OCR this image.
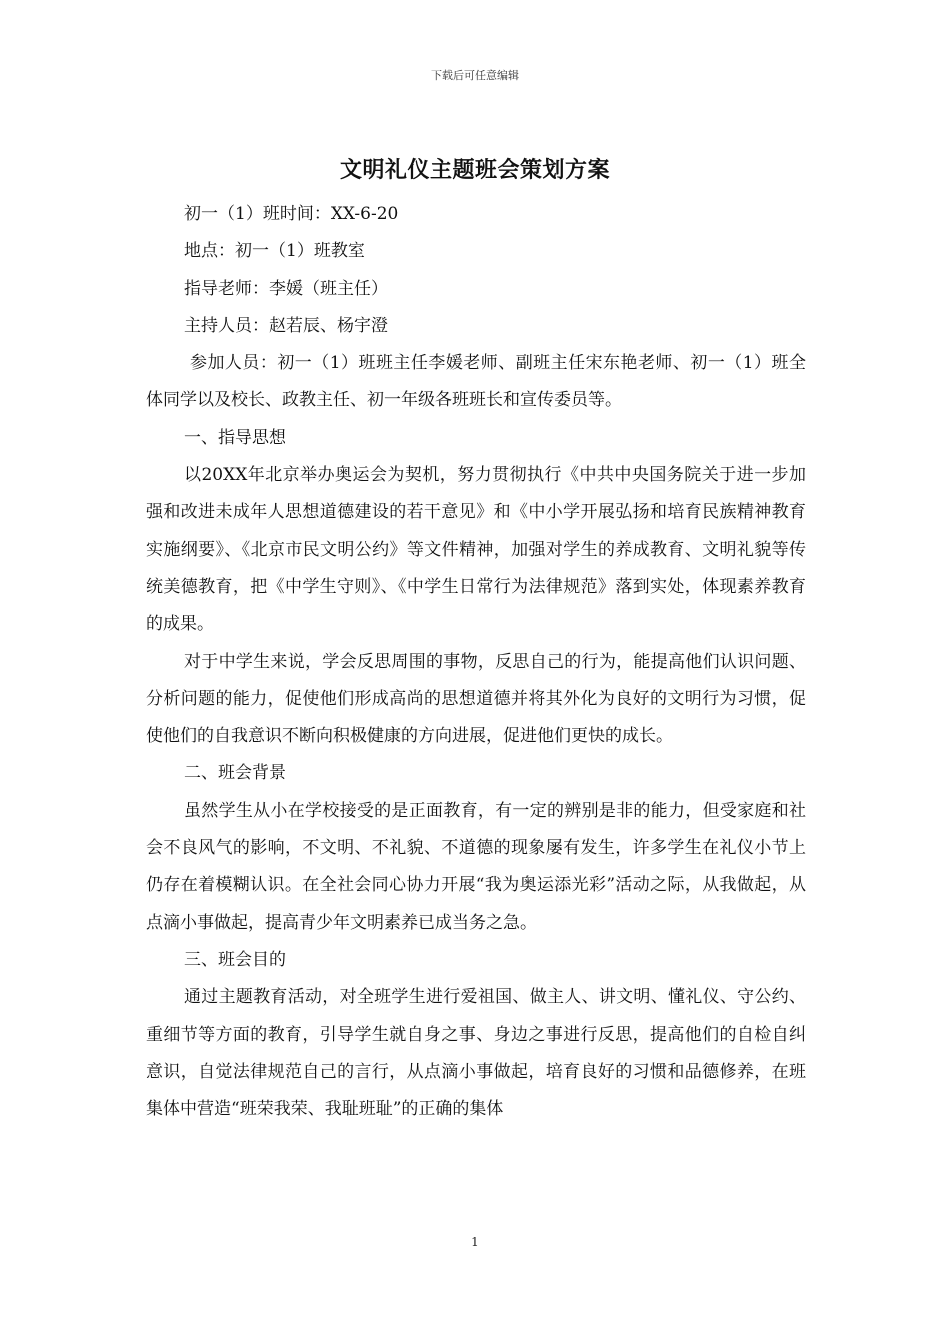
下载后可任意编辑
文明礼仪主题班会策划方案

初一（1）班时间：XX-6-20

地点：初一（1）班教室

指导老师：李媛（班主任）

主持人员：赵若辰、杨宇澄

参加人员：初一（1）班班主任李媛老师、副班主任宋东艳老师、初一（1）班全体同学以及校长、政教主任、初一年级各班班长和宣传委员等。

一、指导思想

以20XX年北京举办奥运会为契机，努力贯彻执行《中共中央国务院关于进一步加强和改进未成年人思想道德建设的若干意见》和《中小学开展弘扬和培育民族精神教育实施纲要》、《北京市民文明公约》等文件精神，加强对学生的养成教育、文明礼貌等传统美德教育，把《中学生守则》、《中学生日常行为法律规范》落到实处，体现素养教育的成果。

对于中学生来说，学会反思周围的事物，反思自己的行为，能提高他们认识问题、分析问题的能力，促使他们形成高尚的思想道德并将其外化为良好的文明行为习惯，促使他们的自我意识不断向积极健康的方向进展，促进他们更快的成长。

二、班会背景

虽然学生从小在学校接受的是正面教育，有一定的辨别是非的能力，但受家庭和社会不良风气的影响，不文明、不礼貌、不道德的现象屡有发生，许多学生在礼仪小节上仍存在着模糊认识。在全社会同心协力开展“我为奥运添光彩”活动之际，从我做起，从点滴小事做起，提高青少年文明素养已成当务之急。

三、班会目的

通过主题教育活动，对全班学生进行爱祖国、做主人、讲文明、懂礼仪、守公约、重细节等方面的教育，引导学生就自身之事、身边之事进行反思，提高他们的自检自纠意识，自觉法律规范自己的言行，从点滴小事做起，培育良好的习惯和品德修养，在班集体中营造“班荣我荣、我耻班耻”的正确的集体

1
